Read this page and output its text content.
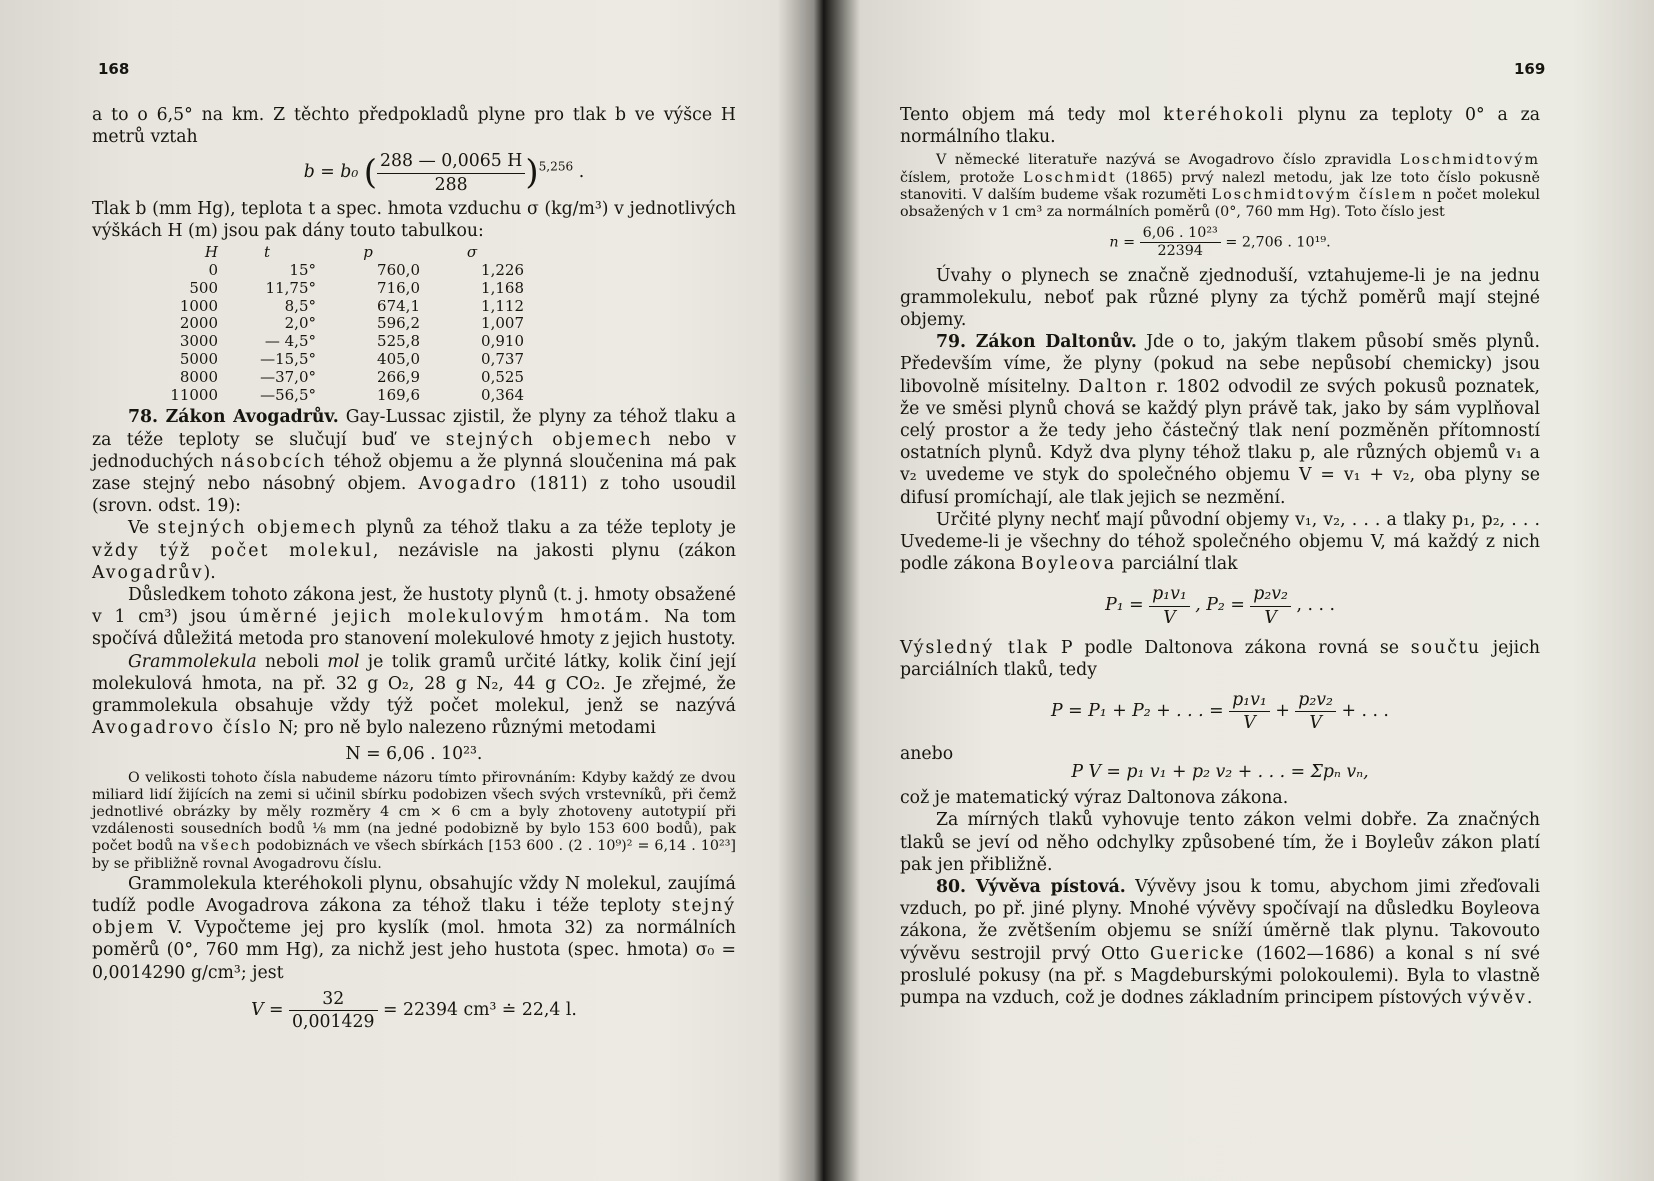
168

a to o 6,5° na km. Z těchto předpokladů plyne pro tlak b ve výšce H metrů vztah

b = b₀ ( $\frac{288 — 0,0065 H}{288} )^{5,256}$ .

Tlak b (mm Hg), teplota t a spec. hmota vzduchu σ (kg/m³) v jednotlivých výškách H (m) jsou pak dány touto tabulkou:

H	t	p	σ
0	15°	760,0	1,226
500	11,75°	716,0	1,168
1000	8,5°	674,1	1,112
2000	2,0°	596,2	1,007
3000	— 4,5°	525,8	0,910
5000	—15,5°	405,0	0,737
8000	—37,0°	266,9	0,525
11000	—56,5°	169,6	0,364

78. Zákon Avogadrův. Gay-Lussac zjistil, že plyny za téhož tlaku a za téže teploty se slučují buď ve stejných objemech nebo v jednoduchých násobcích téhož objemu a že plynná sloučenina má pak zase stejný nebo násobný objem. Avogadro (1811) z toho usoudil (srovn. odst. 19):

Ve stejných objemech plynů za téhož tlaku a za téže teploty je vždy týž počet molekul, nezávisle na jakosti plynu (zákon Avogadrův).

Důsledkem tohoto zákona jest, že hustoty plynů (t. j. hmoty obsažené v 1 cm³) jsou úměrné jejich molekulovým hmotám. Na tom spočívá důležitá metoda pro stanovení molekulové hmoty z jejich hustoty.

Grammolekula neboli mol je tolik gramů určité látky, kolik činí její molekulová hmota, na př. 32 g O₂, 28 g N₂, 44 g CO₂. Je zřejmé, že grammolekula obsahuje vždy týž počet molekul, jenž se nazývá Avogadrovo číslo N; pro ně bylo nalezeno různými metodami

N = 6,06 . 10²³.

O velikosti tohoto čísla nabudeme názoru tímto přirovnáním: Kdyby každý ze dvou miliard lidí žijících na zemi si učinil sbírku podobizen všech svých vrstevníků, při čemž jednotlivé obrázky by měly rozměry 4 cm × 6 cm a byly zhotoveny autotypií při vzdálenosti sousedních bodů ⅛ mm (na jedné podobizně by bylo 153 600 bodů), pak počet bodů na všech podobiznách ve všech sbírkách [153 600 . (2 . 10⁹)² = 6,14 . 10²³] by se přibližně rovnal Avogadrovu číslu.

Grammolekula kteréhokoli plynu, obsahujíc vždy N molekul, zaujímá tudíž podle Avogadrova zákona za téhož tlaku i téže teploty stejný objem V. Vypočteme jej pro kyslík (mol. hmota 32) za normálních poměrů (0°, 760 mm Hg), za nichž jest jeho hustota (spec. hmota) σ₀ = 0,0014290 g/cm³; jest

$V = \frac{32}{0,001429} = 22394$ cm³ ≐ 22,4 l.
169

Tento objem má tedy mol kteréhokoli plynu za teploty 0° a za normálního tlaku.

V německé literatuře nazývá se Avogadrovo číslo zpravidla Loschmidtovým číslem, protože Loschmidt (1865) prvý nalezl metodu, jak lze toto číslo pokusně stanoviti. V dalším budeme však rozuměti Loschmidtovým číslem n počet molekul obsažených v 1 cm³ za normálních poměrů (0°, 760 mm Hg). Toto číslo jest

$n = \frac{\text{6,06 . 10²³}}{22394} = 2,706$ . 10¹⁹.

Úvahy o plynech se značně zjednoduší, vztahujeme-li je na jednu grammolekulu, neboť pak různé plyny za týchž poměrů mají stejné objemy.

79. Zákon Daltonův. Jde o to, jakým tlakem působí směs plynů. Především víme, že plyny (pokud na sebe nepůsobí chemicky) jsou libovolně mísitelny. Dalton r. 1802 odvodil ze svých pokusů poznatek, že ve směsi plynů chová se každý plyn právě tak, jako by sám vyplňoval celý prostor a že tedy jeho částečný tlak není pozměněn přítomností ostatních plynů. Když dva plyny téhož tlaku p, ale různých objemů v₁ a v₂ uvedeme ve styk do společného objemu V = v₁ + v₂, oba plyny se difusí promíchají, ale tlak jejich se nezmění.

Určité plyny nechť mají původní objemy v₁, v₂, . . . a tlaky p₁, p₂, . . . Uvedeme-li je všechny do téhož společného objemu V, má každý z nich podle zákona Boyleova parciální tlak

$P_1 = \frac{\text{p₁v₁}}{V}$ , $P_2 = \frac{\text{p₂v₂}}{V}$ , . . .

Výsledný tlak P podle Daltonova zákona rovná se součtu jejich parciálních tlaků, tedy

P = P₁ + P₂ + . . . = $\frac{\text{p₁v₁}}{V} + \frac{\text{p₂v₂}}{V}$ + . . .

anebo

P V = p₁ v₁ + p₂ v₂ + . . . = Σpₙ vₙ,

což je matematický výraz Daltonova zákona.

Za mírných tlaků vyhovuje tento zákon velmi dobře. Za značných tlaků se jeví od něho odchylky způsobené tím, že i Boyleův zákon platí pak jen přibližně.

80. Vývěva pístová. Vývěvy jsou k tomu, abychom jimi zřeďovali vzduch, po př. jiné plyny. Mnohé vývěvy spočívají na důsledku Boyleova zákona, že zvětšením objemu se sníží úměrně tlak plynu. Takovouto vývěvu sestrojil prvý Otto Guericke (1602—1686) a konal s ní své proslulé pokusy (na př. s Magdeburskými polokoulemi). Byla to vlastně pumpa na vzduch, což je dodnes základním principem pístových vývěv.
